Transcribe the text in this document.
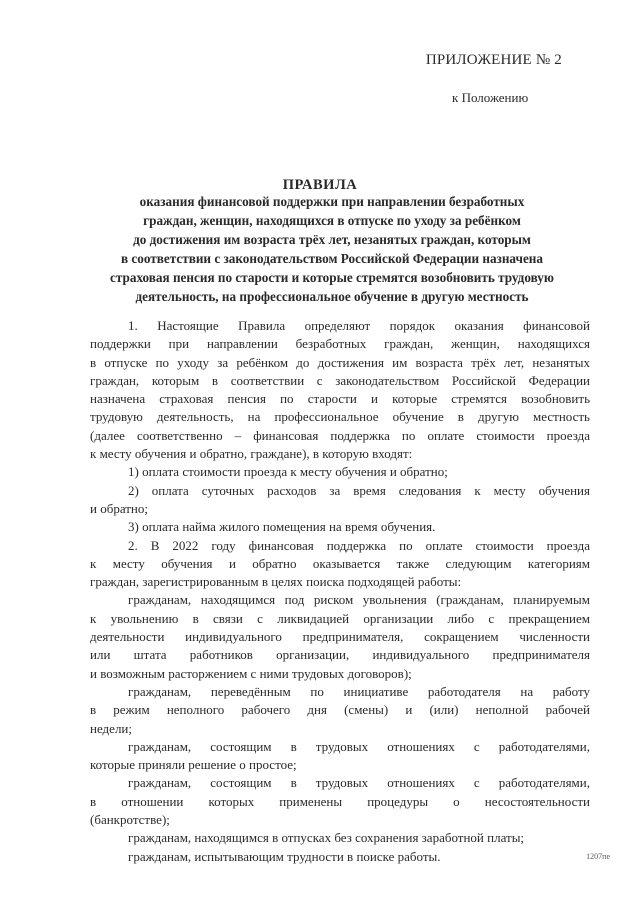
ПРИЛОЖЕНИЕ № 2
к Положению
ПРАВИЛА
оказания финансовой поддержки при направлении безработных
граждан, женщин, находящихся в отпуске по уходу за ребёнком
до достижения им возраста трёх лет, незанятых граждан, которым
в соответствии с законодательством Российской Федерации назначена
страховая пенсия по старости и которые стремятся возобновить трудовую
деятельность, на профессиональное обучение в другую местность
1. Настоящие Правила определяют порядок оказания финансовой
поддержки при направлении безработных граждан, женщин, находящихся
в отпуске по уходу за ребёнком до достижения им возраста трёх лет, незанятых
граждан, которым в соответствии с законодательством Российской Федерации
назначена страховая пенсия по старости и которые стремятся возобновить
трудовую деятельность, на профессиональное обучение в другую местность
(далее соответственно – финансовая поддержка по оплате стоимости проезда
к месту обучения и обратно, граждане), в которую входят:
1) оплата стоимости проезда к месту обучения и обратно;
2) оплата суточных расходов за время следования к месту обучения
и обратно;
3) оплата найма жилого помещения на время обучения.
2. В 2022 году финансовая поддержка по оплате стоимости проезда
к месту обучения и обратно оказывается также следующим категориям
граждан, зарегистрированным в целях поиска подходящей работы:
гражданам, находящимся под риском увольнения (гражданам, планируемым
к увольнению в связи с ликвидацией организации либо с прекращением
деятельности индивидуального предпринимателя, сокращением численности
или штата работников организации, индивидуального предпринимателя
и возможным расторжением с ними трудовых договоров);
гражданам, переведённым по инициативе работодателя на работу
в режим неполного рабочего дня (смены) и (или) неполной рабочей
недели;
гражданам, состоящим в трудовых отношениях с работодателями,
которые приняли решение о простое;
гражданам, состоящим в трудовых отношениях с работодателями,
в отношении которых применены процедуры о несостоятельности
(банкротстве);
гражданам, находящимся в отпусках без сохранения заработной платы;
гражданам, испытывающим трудности в поиске работы.	1207пе
